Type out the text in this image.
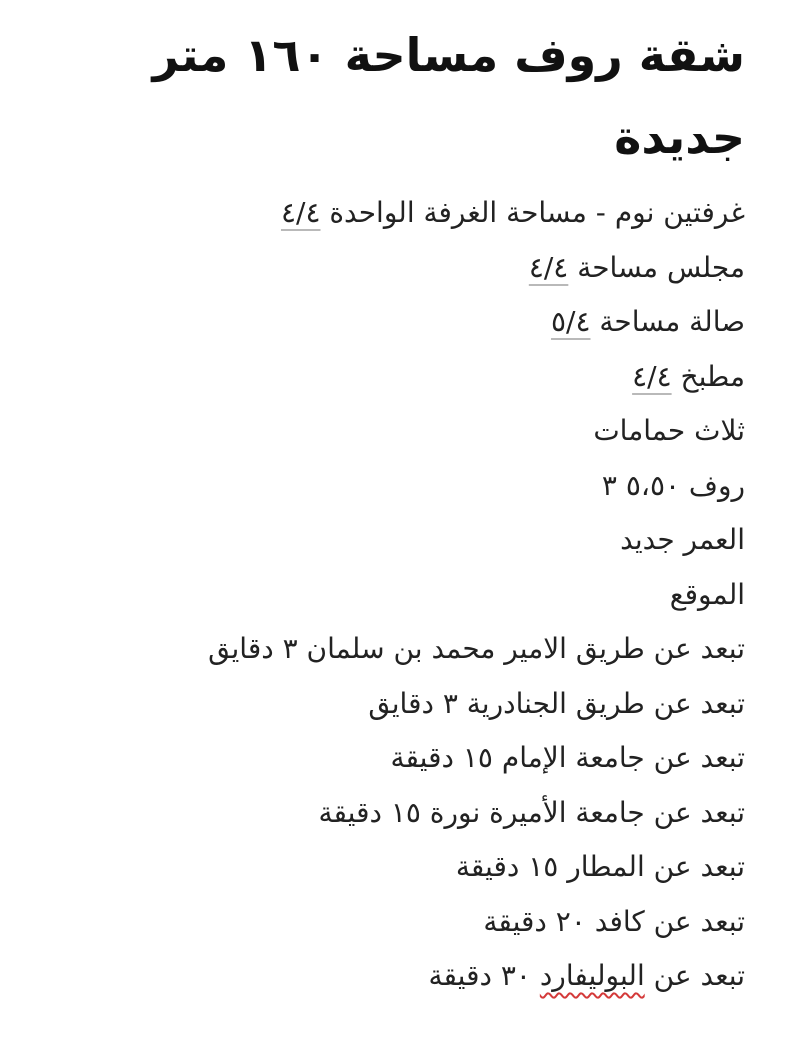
شقة روف مساحة ١٦٠ متر جديدة
غرفتين نوم - مساحة الغرفة الواحدة ٤/٤
مجلس مساحة ٤/٤
صالة مساحة ٥/٤
مطبخ ٤/٤
ثلاث حمامات
روف ٥،٥٠ ٣
العمر جديد
الموقع
تبعد عن طريق الامير محمد بن سلمان ٣ دقايق
تبعد عن طريق الجنادرية ٣ دقايق
تبعد عن جامعة الإمام ١٥ دقيقة
تبعد عن جامعة الأميرة نورة ١٥ دقيقة
تبعد عن المطار ١٥ دقيقة
تبعد عن كافد ٢٠ دقيقة
تبعد عن البوليفارد ٣٠ دقيقة
